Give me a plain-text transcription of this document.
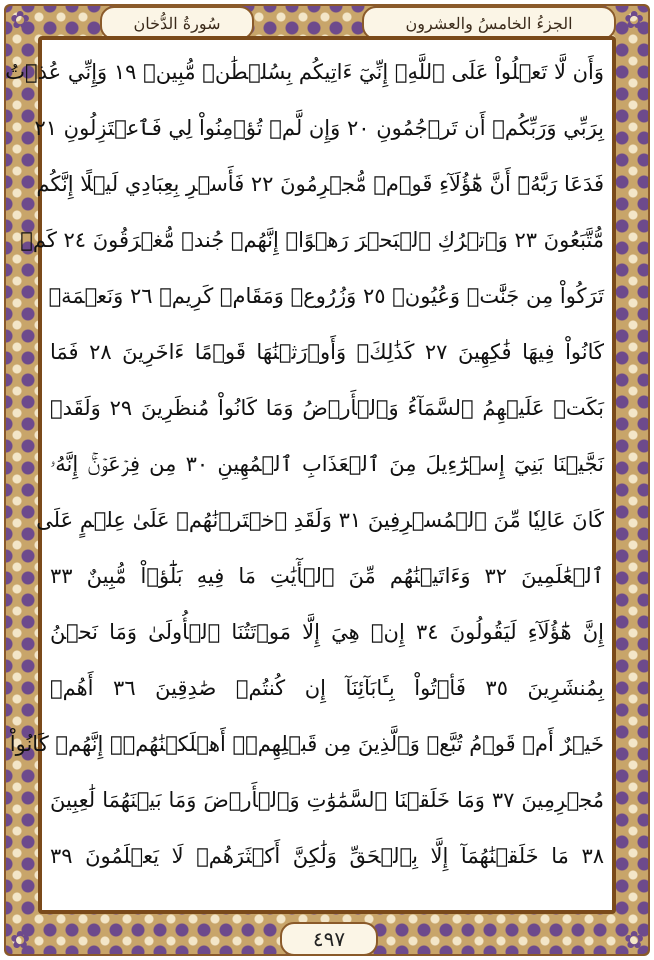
الجزءُ الخامسُ والعشرون
سُورةُ الدُّخان
وَأَن لَّا تَعۡلُواْ عَلَى ٱللَّهِۖ إِنِّيٓ ءَاتِيكُم بِسُلۡطَٰنٖ مُّبِينٖ ١٩ وَإِنِّي عُذۡتُ
بِرَبِّي وَرَبِّكُمۡ أَن تَرۡجُمُونِ ٢٠ وَإِن لَّمۡ تُؤۡمِنُواْ لِي فَٱعۡتَزِلُونِ ٢١
فَدَعَا رَبَّهُۥٓ أَنَّ هَٰٓؤُلَآءِ قَوۡمٞ مُّجۡرِمُونَ ٢٢ فَأَسۡرِ بِعِبَادِي لَيۡلًا إِنَّكُم
مُّتَّبَعُونَ ٢٣ وَٱتۡرُكِ ٱلۡبَحۡرَ رَهۡوًاۖ إِنَّهُمۡ جُندٞ مُّغۡرَقُونَ ٢٤ كَمۡ
تَرَكُواْ مِن جَنَّٰتٖ وَعُيُونٖ ٢٥ وَزُرُوعٖ وَمَقَامٖ كَرِيمٖ ٢٦ وَنَعۡمَةٖ
كَانُواْ فِيهَا فَٰكِهِينَ ٢٧ كَذَٰلِكَۖ وَأَوۡرَثۡنَٰهَا قَوۡمًا ءَاخَرِينَ ٢٨ فَمَا
بَكَتۡ عَلَيۡهِمُ ٱلسَّمَآءُ وَٱلۡأَرۡضُ وَمَا كَانُواْ مُنظَرِينَ ٢٩ وَلَقَدۡ
نَجَّيۡنَا بَنِيٓ إِسۡرَٰٓءِيلَ مِنَ ٱلۡعَذَابِ ٱلۡمُهِينِ ٣٠ مِن فِرۡعَوۡنَۚ إِنَّهُۥ
كَانَ عَالِيٗا مِّنَ ٱلۡمُسۡرِفِينَ ٣١ وَلَقَدِ ٱخۡتَرۡنَٰهُمۡ عَلَىٰ عِلۡمٍ عَلَى
ٱلۡعَٰلَمِينَ ٣٢ وَءَاتَيۡنَٰهُم مِّنَ ٱلۡأٓيَٰتِ مَا فِيهِ بَلَٰٓؤٞاْ مُّبِينٌ ٣٣
إِنَّ هَٰٓؤُلَآءِ لَيَقُولُونَ ٣٤ إِنۡ هِيَ إِلَّا مَوۡتَتُنَا ٱلۡأُولَىٰ وَمَا نَحۡنُ
بِمُنشَرِينَ ٣٥ فَأۡتُواْ بِـَٔابَآئِنَآ إِن كُنتُمۡ صَٰدِقِينَ ٣٦ أَهُمۡ
خَيۡرٌ أَمۡ قَوۡمُ تُبَّعٖ وَٱلَّذِينَ مِن قَبۡلِهِمۡۚ أَهۡلَكۡنَٰهُمۡۖ إِنَّهُمۡ كَانُواْ
مُجۡرِمِينَ ٣٧ وَمَا خَلَقۡنَا ٱلسَّمَٰوَٰتِ وَٱلۡأَرۡضَ وَمَا بَيۡنَهُمَا لَٰعِبِينَ
٣٨ مَا خَلَقۡنَٰهُمَآ إِلَّا بِٱلۡحَقِّ وَلَٰكِنَّ أَكۡثَرَهُمۡ لَا يَعۡلَمُونَ ٣٩
٤٩٧
✿	✿
✿	✿
